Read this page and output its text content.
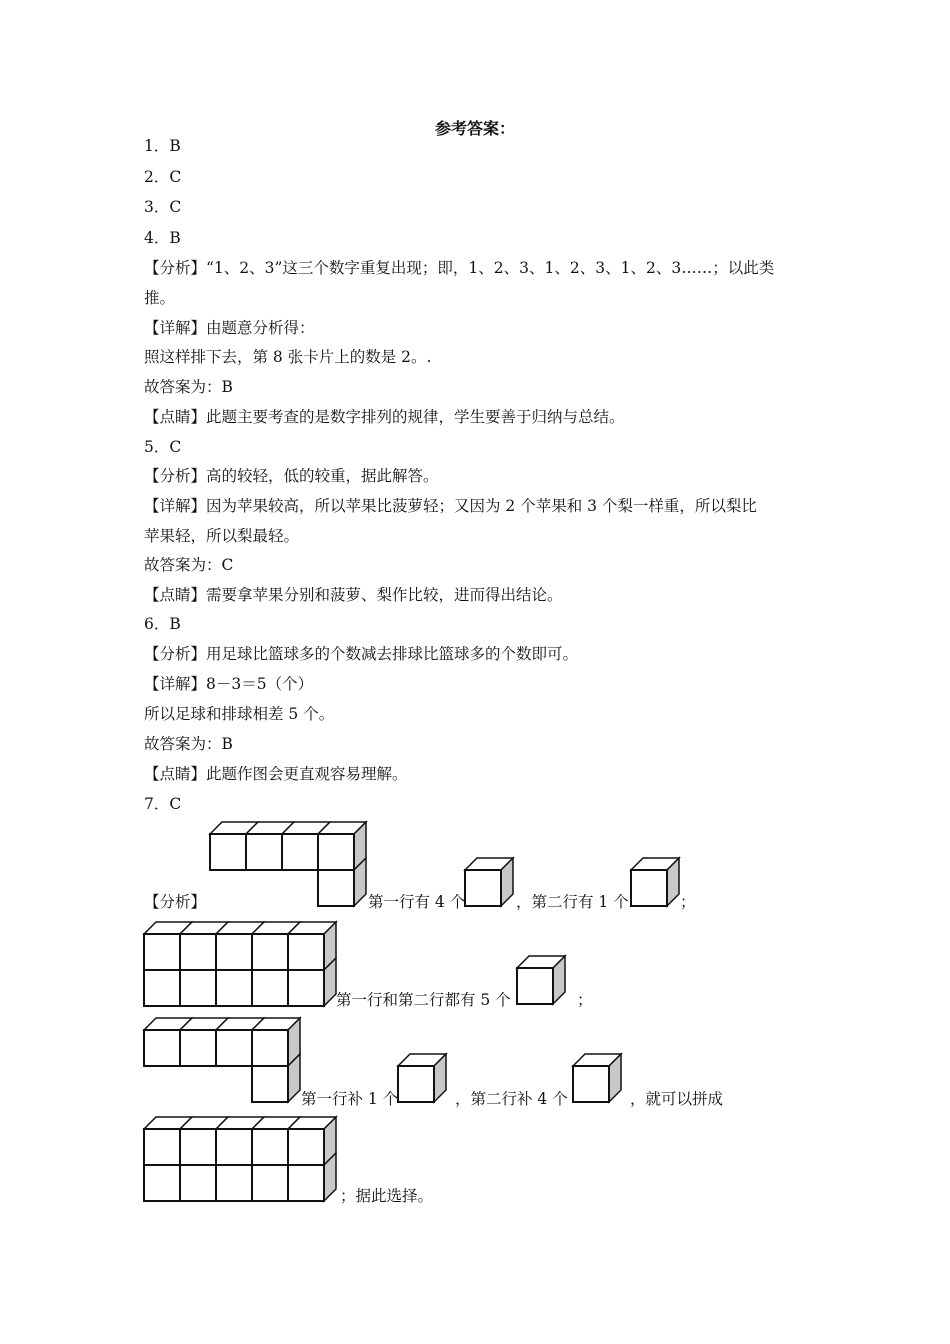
参考答案：
1．B
2．C
3．C
4．B
【分析】“1、2、3”这三个数字重复出现；即，1、2、3、1、2、3、1、2、3……；以此类
推。
【详解】由题意分析得：
照这样排下去，第 8 张卡片上的数是 2。.
故答案为：B
【点睛】此题主要考查的是数字排列的规律，学生要善于归纳与总结。
5．C
【分析】高的较轻，低的较重，据此解答。
【详解】因为苹果较高，所以苹果比菠萝轻；又因为 2 个苹果和 3 个梨一样重，所以梨比
苹果轻，所以梨最轻。
故答案为：C
【点睛】需要拿苹果分别和菠萝、梨作比较，进而得出结论。
6．B
【分析】用足球比篮球多的个数减去排球比篮球多的个数即可。
【详解】8－3＝5（个）
所以足球和排球相差 5 个。
故答案为：B
【点睛】此题作图会更直观容易理解。
7．C
【分析】	第一行有 4 个	，第二行有 1 个	；
第一行和第二行都有 5 个	；
第一行补 1 个	，第二行补 4 个	，就可以拼成
；据此选择。
